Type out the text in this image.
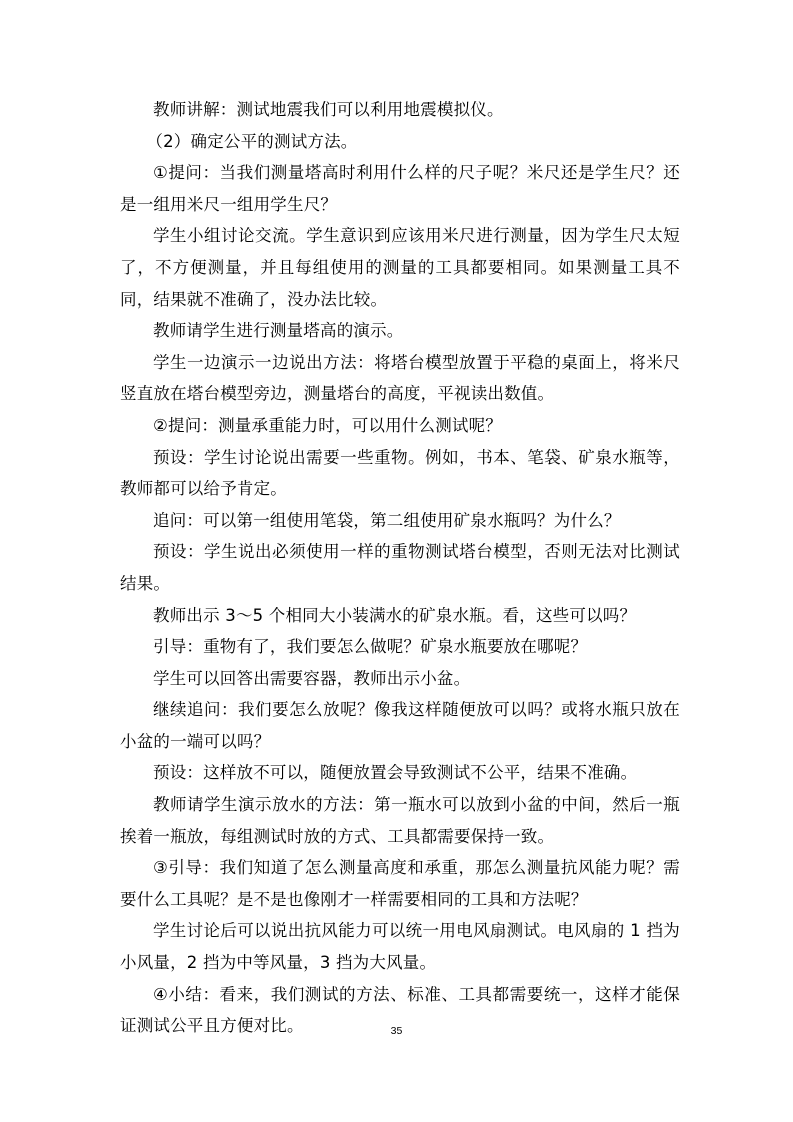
教师讲解：测试地震我们可以利用地震模拟仪。

（2）确定公平的测试方法。

①提问：当我们测量塔高时利用什么样的尺子呢？米尺还是学生尺？还是一组用米尺一组用学生尺？

学生小组讨论交流。学生意识到应该用米尺进行测量，因为学生尺太短了，不方便测量，并且每组使用的测量的工具都要相同。如果测量工具不同，结果就不准确了，没办法比较。

教师请学生进行测量塔高的演示。

学生一边演示一边说出方法：将塔台模型放置于平稳的桌面上，将米尺竖直放在塔台模型旁边，测量塔台的高度，平视读出数值。

②提问：测量承重能力时，可以用什么测试呢？

预设：学生讨论说出需要一些重物。例如，书本、笔袋、矿泉水瓶等，教师都可以给予肯定。

追问：可以第一组使用笔袋，第二组使用矿泉水瓶吗？为什么？

预设：学生说出必须使用一样的重物测试塔台模型，否则无法对比测试结果。

教师出示 3～5 个相同大小装满水的矿泉水瓶。看，这些可以吗？

引导：重物有了，我们要怎么做呢？矿泉水瓶要放在哪呢？

学生可以回答出需要容器，教师出示小盆。

继续追问：我们要怎么放呢？像我这样随便放可以吗？或将水瓶只放在小盆的一端可以吗？

预设：这样放不可以，随便放置会导致测试不公平，结果不准确。

教师请学生演示放水的方法：第一瓶水可以放到小盆的中间，然后一瓶挨着一瓶放，每组测试时放的方式、工具都需要保持一致。

③引导：我们知道了怎么测量高度和承重，那怎么测量抗风能力呢？需要什么工具呢？是不是也像刚才一样需要相同的工具和方法呢？

学生讨论后可以说出抗风能力可以统一用电风扇测试。电风扇的 1 挡为小风量，2 挡为中等风量，3 挡为大风量。

④小结：看来，我们测试的方法、标准、工具都需要统一，这样才能保证测试公平且方便对比。	35
